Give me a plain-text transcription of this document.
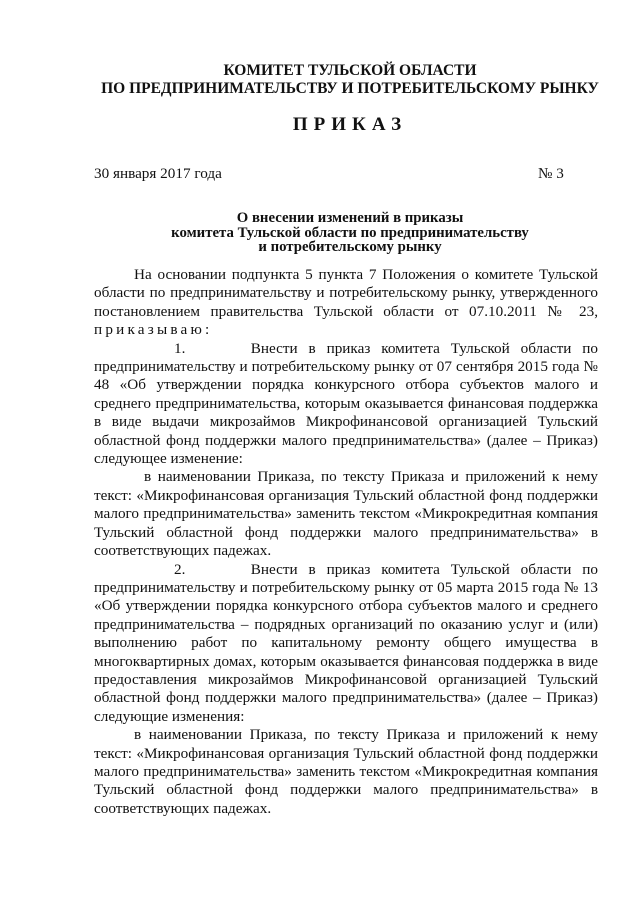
КОМИТЕТ ТУЛЬСКОЙ ОБЛАСТИ
ПО ПРЕДПРИНИМАТЕЛЬСТВУ И ПОТРЕБИТЕЛЬСКОМУ РЫНКУ
ПРИКАЗ
30 января 2017 года	№ 3
О внесении изменений в приказы
комитета Тульской области по предпринимательству
и потребительскому рынку

На основании подпункта 5 пункта 7 Положения о комитете Тульской области по предпринимательству и потребительскому рынку, утвержденного постановлением правительства Тульской области от 07.10.2011 № 23, приказываю:

1.	Внести в приказ комитета Тульской области по предпринимательству и потребительскому рынку от 07 сентября 2015 года № 48 «Об утверждении порядка конкурсного отбора субъектов малого и среднего предпринимательства, которым оказывается финансовая поддержка в виде выдачи микрозаймов Микрофинансовой организацией Тульский областной фонд поддержки малого предпринимательства» (далее – Приказ) следующее изменение:

в наименовании Приказа, по тексту Приказа и приложений к нему текст: «Микрофинансовая организация Тульский областной фонд поддержки малого предпринимательства» заменить текстом «Микрокредитная компания Тульский областной фонд поддержки малого предпринимательства» в соответствующих падежах.

2.	Внести в приказ комитета Тульской области по предпринимательству и потребительскому рынку от 05 марта 2015 года № 13 «Об утверждении порядка конкурсного отбора субъектов малого и среднего предпринимательства – подрядных организаций по оказанию услуг и (или) выполнению работ по капитальному ремонту общего имущества в многоквартирных домах, которым оказывается финансовая поддержка в виде предоставления микрозаймов Микрофинансовой организацией Тульский областной фонд поддержки малого предпринимательства» (далее – Приказ) следующие изменения:

в наименовании Приказа, по тексту Приказа и приложений к нему текст: «Микрофинансовая организация Тульский областной фонд поддержки малого предпринимательства» заменить текстом «Микрокредитная компания Тульский областной фонд поддержки малого предпринимательства» в соответствующих падежах.
